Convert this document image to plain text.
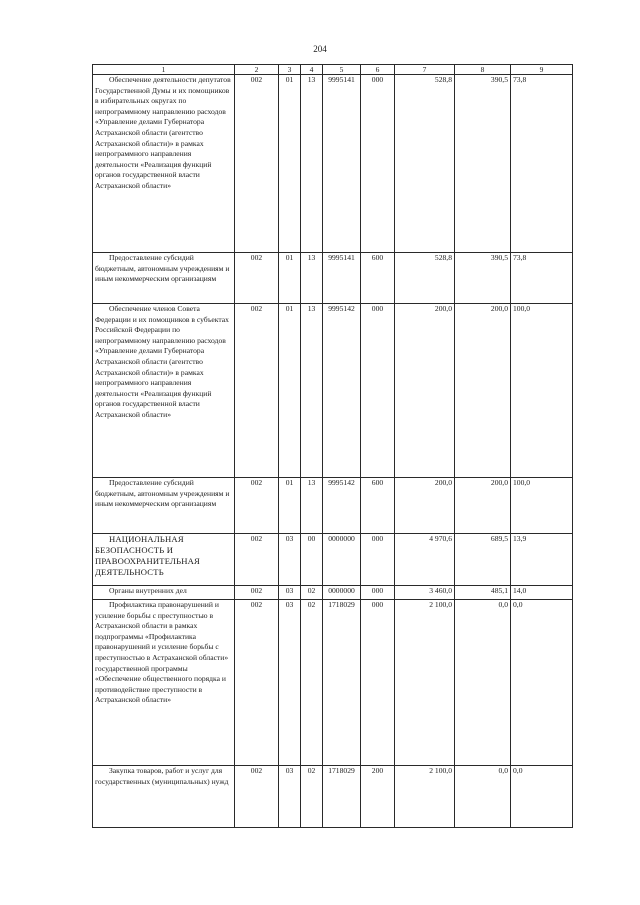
204
1	2	3	4	5	6	7	8	9
Обеспечение деятельности депутатов Государственной Думы и их помощников в избирательных округах по непрограммному направлению расходов «Управление делами Губернатора Астраханской области (агентство Астраханской области)» в рамках непрограммного направления деятельности «Реализация функций органов государственной власти Астраханской области»	002	01	13	9995141	000	528,8	390,5	73,8
Предоставление субсидий бюджетным, автономным учреждениям и иным некоммерческим организациям	002	01	13	9995141	600	528,8	390,5	73,8
Обеспечение членов Совета Федерации и их помощников в субъектах Российской Федерации по непрограммному направлению расходов «Управление делами Губернатора Астраханской области (агентство Астраханской области)» в рамках непрограммного направления деятельности «Реализация функций органов государственной власти Астраханской области»	002	01	13	9995142	000	200,0	200,0	100,0
Предоставление субсидий бюджетным, автономным учреждениям и иным некоммерческим организациям	002	01	13	9995142	600	200,0	200,0	100,0
НАЦИОНАЛЬНАЯ БЕЗОПАСНОСТЬ И ПРАВООХРАНИТЕЛЬНАЯ ДЕЯТЕЛЬНОСТЬ	002	03	00	0000000	000	4 970,6	689,5	13,9
Органы внутренних дел	002	03	02	0000000	000	3 460,0	485,1	14,0
Профилактика правонарушений и усиление борьбы с преступностью в Астраханской области в рамках подпрограммы «Профилактика правонарушений и усиление борьбы с преступностью в Астраханской области» государственной программы «Обеспечение общественного порядка и противодействие преступности в Астраханской области»	002	03	02	1718029	000	2 100,0	0,0	0,0
Закупка товаров, работ и услуг для государственных (муниципальных) нужд	002	03	02	1718029	200	2 100,0	0,0	0,0
